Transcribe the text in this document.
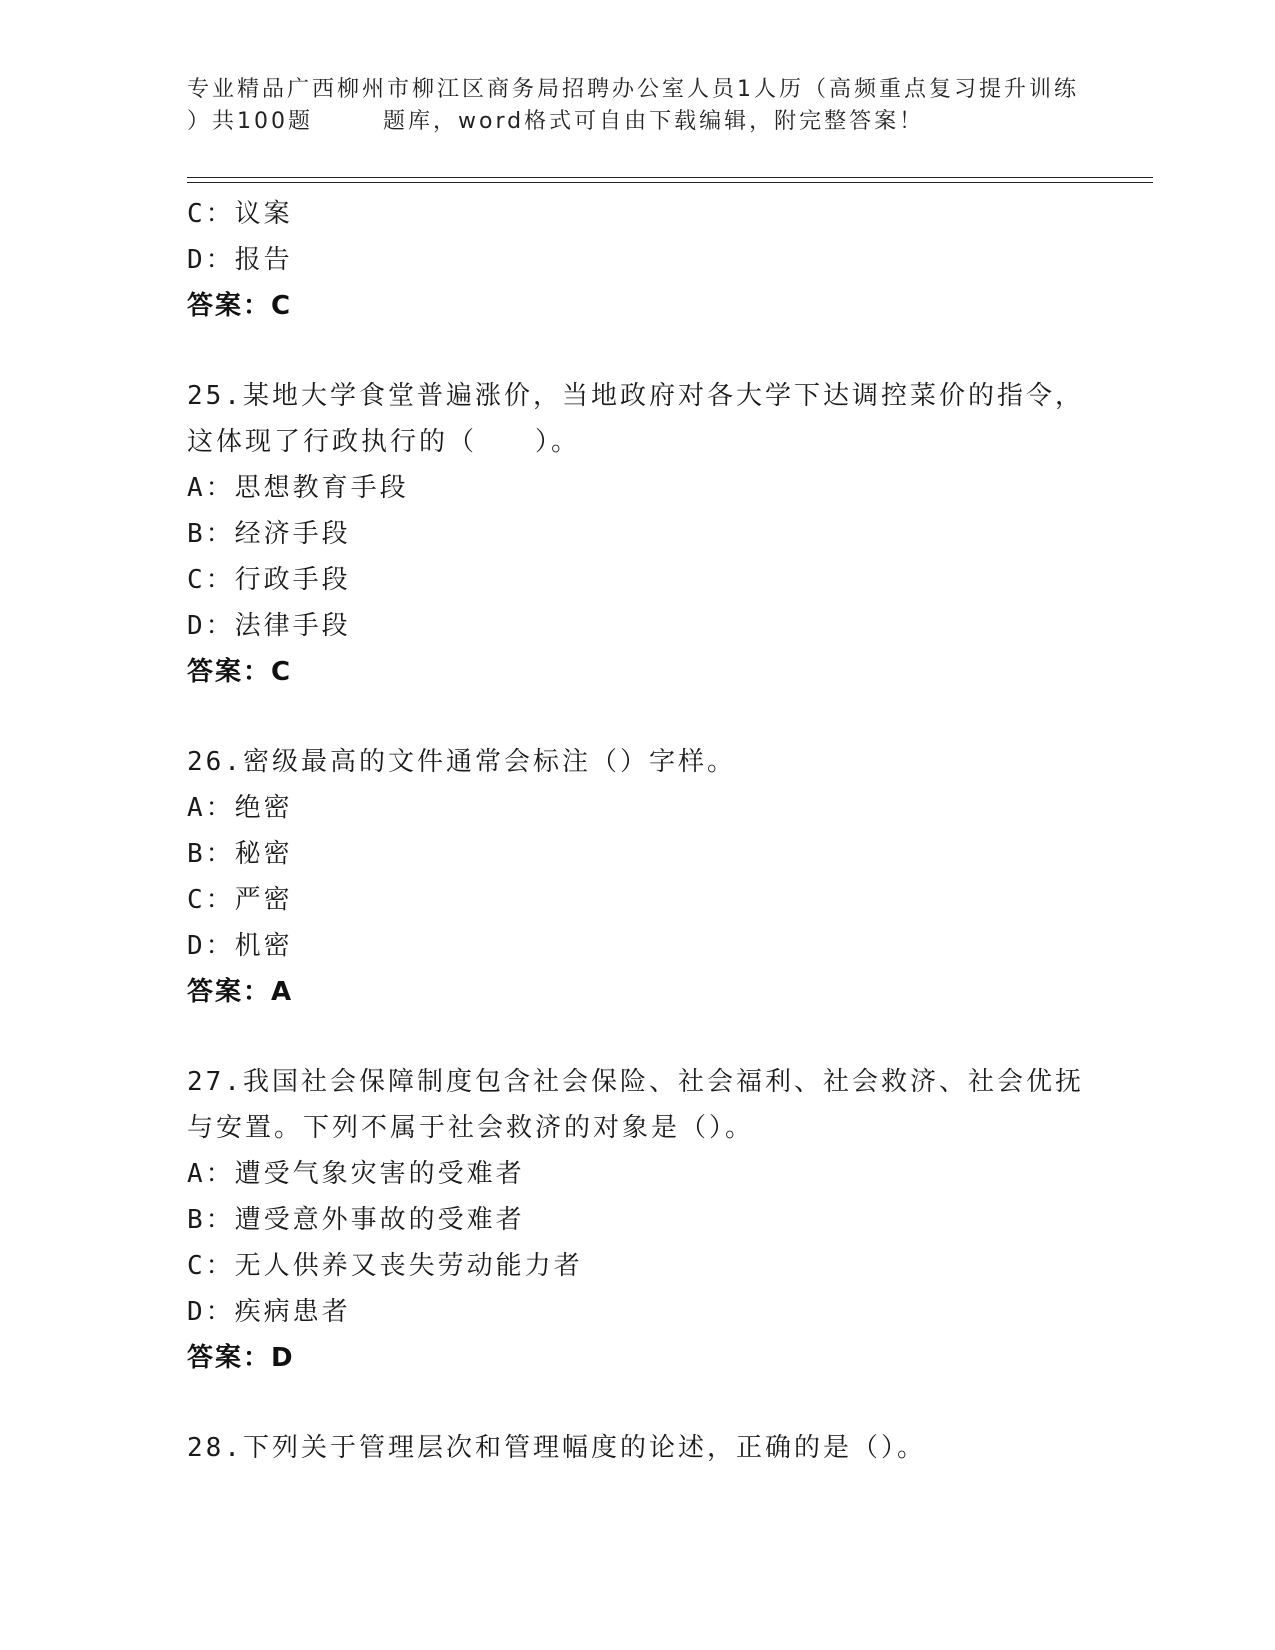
专业精品广西柳州市柳江区商务局招聘办公室人员1人历（高频重点复习提升训练
）共100题	题库，word格式可自由下载编辑，附完整答案！
C：议案
D：报告
答案：C
25.某地大学食堂普遍涨价，当地政府对各大学下达调控菜价的指令，
这体现了行政执行的（　　）。
A：思想教育手段
B：经济手段
C：行政手段
D：法律手段
答案：C
26.密级最高的文件通常会标注（）字样。
A：绝密
B：秘密
C：严密
D：机密
答案：A
27.我国社会保障制度包含社会保险、社会福利、社会救济、社会优抚
与安置。下列不属于社会救济的对象是（）。
A：遭受气象灾害的受难者
B：遭受意外事故的受难者
C：无人供养又丧失劳动能力者
D：疾病患者
答案：D
28.下列关于管理层次和管理幅度的论述，正确的是（）。
